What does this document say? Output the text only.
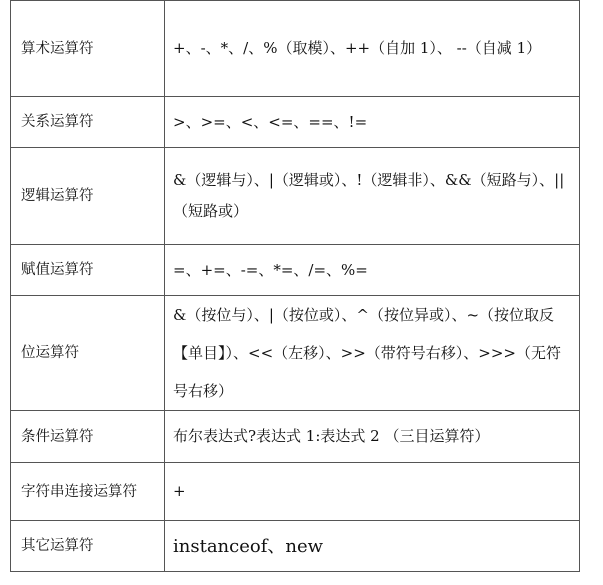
算术运算符	+、-、*、/、%（取模）、++（自加 1）、 --（自减 1）
关系运算符	>、>=、<、<=、==、!=
逻辑运算符	&（逻辑与）、|（逻辑或）、!（逻辑非）、&&（短路与）、||（短路或）
赋值运算符	=、+=、-=、*=、/=、%=
位运算符	&（按位与）、|（按位或）、^（按位异或）、~（按位取反【单目】）、<<（左移）、>>（带符号右移）、>>>（无符号右移）
条件运算符	布尔表达式?表达式 1:表达式 2 （三目运算符）
字符串连接运算符	+
其它运算符	instanceof、new
